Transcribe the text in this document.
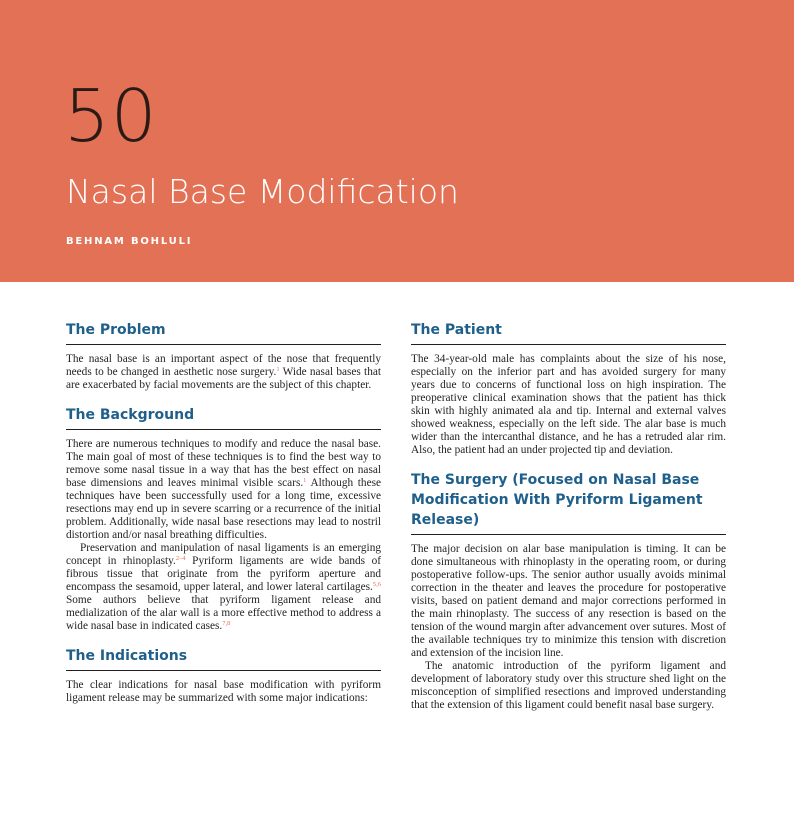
50
Nasal Base Modification
BEHNAM BOHLULI
The Problem

The nasal base is an important aspect of the nose that frequently needs to be changed in aesthetic nose surgery.$^1$ Wide nasal bases that are exacerbated by facial movements are the subject of this chapter.

The Background

There are numerous techniques to modify and reduce the nasal base. The main goal of most of these techniques is to find the best way to remove some nasal tissue in a way that has the best effect on nasal base dimensions and leaves minimal visible scars.$^1$ Although these techniques have been successfully used for a long time, excessive resections may end up in severe scarring or a recurrence of the initial problem. Additionally, wide nasal base resections may lead to nostril distortion and/or nasal breathing difficulties.

Preservation and manipulation of nasal ligaments is an emerging concept in rhinoplasty.$^{2-4}$ Pyriform ligaments are wide bands of fibrous tissue that originate from the pyriform aperture and encompass the sesamoid, upper lateral, and lower lateral cartilages.$^{5,6}$ Some authors believe that pyriform ligament release and medialization of the alar wall is a more effective method to address a wide nasal base in indicated cases.$^{7,8}$

The Indications

The clear indications for nasal base modification with pyriform ligament release may be summarized with some major indications:

The Patient

The 34-year-old male has complaints about the size of his nose, especially on the inferior part and has avoided surgery for many years due to concerns of functional loss on high inspiration. The preoperative clinical examination shows that the patient has thick skin with highly animated ala and tip. Internal and external valves showed weakness, especially on the left side. The alar base is much wider than the intercanthal distance, and he has a retruded alar rim. Also, the patient had an under projected tip and deviation.

The Surgery (Focused on Nasal Base Modification With Pyriform Ligament Release)

The major decision on alar base manipulation is timing. It can be done simultaneous with rhinoplasty in the operating room, or during postoperative follow-ups. The senior author usually avoids minimal correction in the theater and leaves the procedure for postoperative visits, based on patient demand and major corrections performed in the main rhinoplasty. The success of any resection is based on the tension of the wound margin after advancement over sutures. Most of the available techniques try to minimize this tension with discretion and extension of the incision line.

The anatomic introduction of the pyriform ligament and development of laboratory study over this structure shed light on the misconception of simplified resections and improved understanding that the extension of this ligament could benefit nasal base surgery.
